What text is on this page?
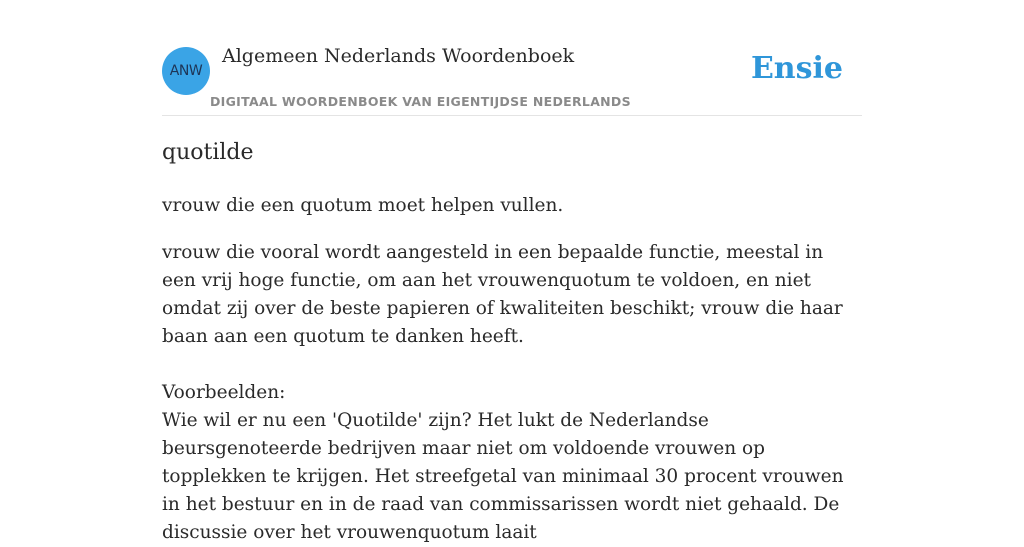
ANW
Algemeen Nederlands Woordenboek
DIGITAAL WOORDENBOEK VAN EIGENTIJDSE NEDERLANDS
Ensie
quotilde
vrouw die een quotum moet helpen vullen.
vrouw die vooral wordt aangesteld in een bepaalde functie, meestal in een vrij hoge functie, om aan het vrouwenquotum te voldoen, en niet omdat zij over de beste papieren of kwaliteiten beschikt; vrouw die haar baan aan een quotum te danken heeft.
Voorbeelden:
Wie wil er nu een 'Quotilde' zijn? Het lukt de Nederlandse beursgenoteerde bedrijven maar niet om voldoende vrouwen op topplekken te krijgen. Het streefgetal van minimaal 30 procent vrouwen in het bestuur en in de raad van commissarissen wordt niet gehaald. De discussie over het vrouwenquotum laait
